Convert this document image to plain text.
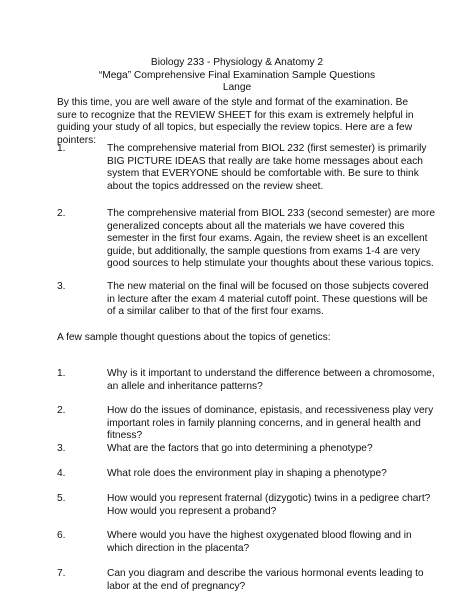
Biology 233 - Physiology & Anatomy 2
“Mega” Comprehensive Final Examination Sample Questions
Lange
By this time, you are well aware of the style and format of the examination. Be sure to recognize that the REVIEW SHEET for this exam is extremely helpful in guiding your study of all topics, but especially the review topics. Here are a few pointers:
1.	The comprehensive material from BIOL 232 (first semester) is primarily BIG PICTURE IDEAS that really are take home messages about each system that EVERYONE should be comfortable with. Be sure to think about the topics addressed on the review sheet.
2.	The comprehensive material from BIOL 233 (second semester) are more generalized concepts about all the materials we have covered this semester in the first four exams. Again, the review sheet is an excellent guide, but additionally, the sample questions from exams 1-4 are very good sources to help stimulate your thoughts about these various topics.
3.	The new material on the final will be focused on those subjects covered in lecture after the exam 4 material cutoff point. These questions will be of a similar caliber to that of the first four exams.
A few sample thought questions about the topics of genetics:
1.	Why is it important to understand the difference between a chromosome, an allele and inheritance patterns?
2.	How do the issues of dominance, epistasis, and recessiveness play very important roles in family planning concerns, and in general health and fitness?
3.	What are the factors that go into determining a phenotype?
4.	What role does the environment play in shaping a phenotype?
5.	How would you represent fraternal (dizygotic) twins in a pedigree chart? How would you represent a proband?
6.	Where would you have the highest oxygenated blood flowing and in which direction in the placenta?
7.	Can you diagram and describe the various hormonal events leading to labor at the end of pregnancy?
